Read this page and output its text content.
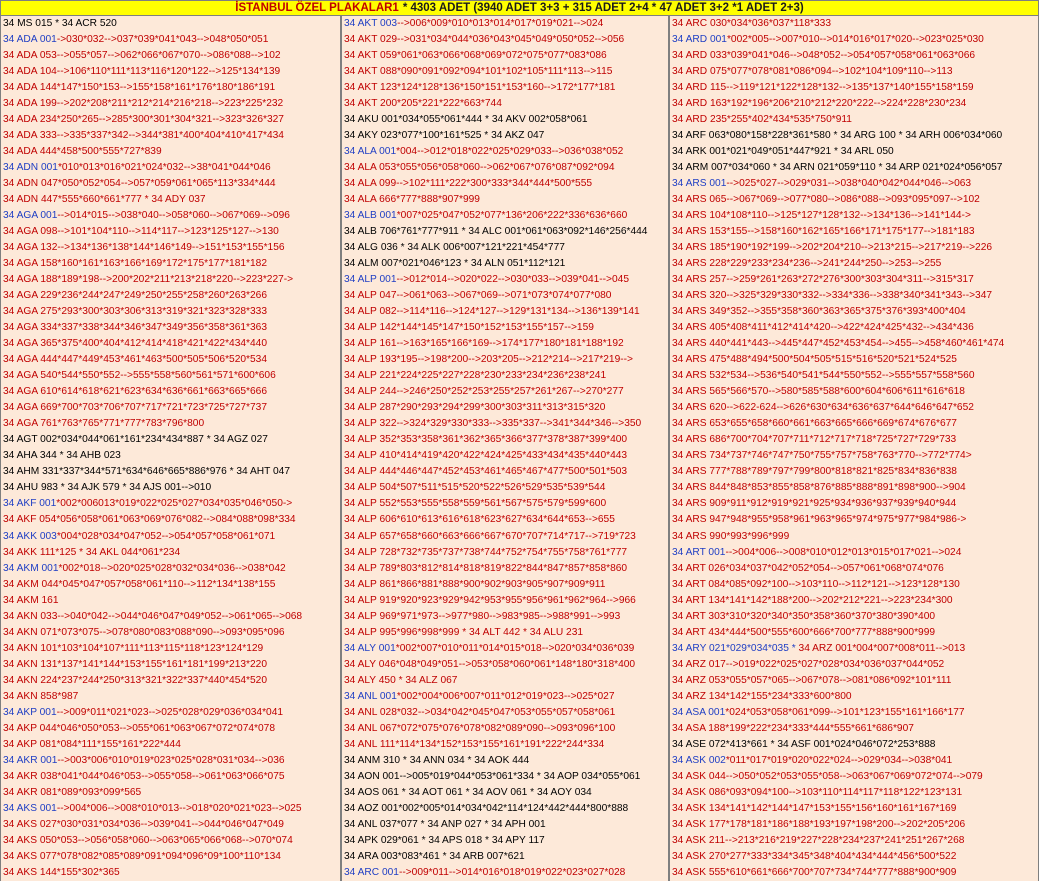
İSTANBUL ÖZEL PLAKALAR1 * 4303 ADET (3940 ADET 3+3 + 315 ADET 2+4 * 47 ADET 3+2 *1 ADET 2+3)
34 MS 015 * 34 ACR 520
34 ADA 001->030*032-->037*039*041*043-->048*050*051
34 ADA 053-->055*057-->062*066*067*070-->086*088-->102
34 ADA 104-->106*110*111*113*116*120*122-->125*134*139
34 ADA 144*147*150*153-->155*158*161*176*180*186*191
34 ADA 199-->202*208*211*212*214*216*218-->223*225*232
34 ADA 234*250*265-->285*300*301*304*321-->323*326*327
34 ADA 333-->335*337*342-->344*381*400*404*410*417*434
34 ADA 444*458*500*555*727*839
34 ADN 001*010*013*016*021*024*032-->38*041*044*046
34 ADN 047*050*052*054-->057*059*061*065*113*334*444
34 ADN 447*555*660*661*777 * 34 ADY 037
34 AGA 001-->014*015-->038*040-->058*060-->067*069-->096
34 AGA 098-->101*104*110-->114*117-->123*125*127-->130
34 AGA 132-->134*136*138*144*146*149-->151*153*155*156
34 AGA 158*160*161*163*166*169*172*175*177*181*182
34 AGA 188*189*198-->200*202*211*213*218*220-->223*227->
34 AGA 229*236*244*247*249*250*255*258*260*263*266
34 AGA 275*293*300*303*306*313*319*321*323*328*333
34 AGA 334*337*338*344*346*347*349*356*358*361*363
34 AGA 365*375*400*404*412*414*418*421*422*434*440
34 AGA 444*447*449*453*461*463*500*505*506*520*534
34 AGA 540*544*550*552-->555*558*560*561*571*600*606
34 AGA 610*614*618*621*623*634*636*661*663*665*666
34 AGA 669*700*703*706*707*717*721*723*725*727*737
34 AGA 761*763*765*771*777*783*796*800
34 AGT 002*034*044*061*161*234*434*887 * 34 AGZ 027
34 AHA 344 * 34 AHB 023
34 AHM 331*337*344*571*634*646*665*886*976 * 34 AHT 047
34 AHU 983 * 34 AJK 579 * 34 AJS 001-->010
34 AKF 001*002*006013*019*022*025*027*034*035*046*050->
34 AKF 054*056*058*061*063*069*076*082-->084*088*098*334
34 AKK 003*004*028*034*047*052-->054*057*058*061*071
34 AKK 111*125 * 34 AKL 044*061*234
34 AKM 001*002*018-->020*025*028*032*034*036-->038*042
34 AKM 044*045*047*057*058*061*110-->112*134*138*155
34 AKM 161
34 AKN 033-->040*042-->044*046*047*049*052-->061*065-->068
34 AKN 071*073*075-->078*080*083*088*090-->093*095*096
34 AKN 101*103*104*107*111*113*115*118*123*124*129
34 AKN 131*137*141*144*153*155*161*181*199*213*220
34 AKN 224*237*244*250*313*321*322*337*440*454*520
34 AKN 858*987
34 AKP 001-->009*011*021*023-->025*028*029*036*034*041
34 AKP 044*046*050*053-->055*061*063*067*072*074*078
34 AKP 081*084*111*155*161*222*444
34 AKR 001-->003*006*010*019*023*025*028*031*034-->036
34 AKR 038*041*044*046*053-->055*058-->061*063*066*075
34 AKR 081*089*093*099*565
34 AKS 001-->004*006-->008*010*013-->018*020*021*023-->025
34 AKS 027*030*031*034*036-->039*041-->044*046*047*049
34 AKS 050*053-->056*058*060-->063*065*066*068-->070*074
34 AKS 077*078*082*085*089*091*094*096*09*100*110*134
34 AKS 144*155*302*365
34 AKT 003-->006*009*010*013*014*017*019*021-->024
34 AKT 029-->031*034*044*036*043*045*049*050*052-->056
34 AKT 059*061*063*066*068*069*072*075*077*083*086
34 AKT 088*090*091*092*094*101*102*105*111*113-->115
34 AKT 123*124*128*136*150*151*153*160-->172*177*181
34 AKT 200*205*221*222*663*744
34 AKU 001*034*055*061*444 * 34 AKV 002*058*061
34 AKY 023*077*100*161*525 * 34 AKZ 047
34 ALA 001*004-->012*018*022*025*029*033-->036*038*052
34 ALA 053*055*056*058*060-->062*067*076*087*092*094
34 ALA 099-->102*111*222*300*333*344*444*500*555
34 ALA 666*777*888*907*999
34 ALB 001*007*025*047*052*077*136*206*222*336*636*660
34 ALB 706*761*777*911 * 34 ALC 001*061*063*092*146*256*444
34 ALG 036 * 34 ALK 006*007*121*221*454*777
34 ALM 007*021*046*123 * 34 ALN 051*112*121
34 ALP 001-->012*014-->020*022-->030*033-->039*041-->045
34 ALP 047-->061*063-->067*069-->071*073*074*077*080
34 ALP 082-->114*116-->124*127-->129*131*134-->136*139*141
34 ALP 142*144*145*147*150*152*153*155*157-->159
34 ALP 161-->163*165*166*169-->174*177*180*181*188*192
34 ALP 193*195-->198*200-->203*205-->212*214-->217*219-->
34 ALP 221*224*225*227*228*230*233*234*236*238*241
34 ALP 244-->246*250*252*253*255*257*261*267-->270*277
34 ALP 287*290*293*294*299*300*303*311*313*315*320
34 ALP 322-->324*329*330*333-->335*337-->341*344*346-->350
34 ALP 352*353*358*361*362*365*366*377*378*387*399*400
34 ALP 410*414*419*420*422*424*425*433*434*435*440*443
34 ALP 444*446*447*452*453*461*465*467*477*500*501*503
34 ALP 504*507*511*515*520*522*526*529*535*539*544
34 ALP 552*553*555*558*559*561*567*575*579*599*600
34 ALP 606*610*613*616*618*623*627*634*644*653-->655
34 ALP 657*658*660*663*666*667*670*707*714*717-->719*723
34 ALP 728*732*735*737*738*744*752*754*755*758*761*777
34 ALP 789*803*812*814*818*819*822*844*847*857*858*860
34 ALP 861*866*881*888*900*902*903*905*907*909*911
34 ALP 919*920*923*929*942*953*955*956*961*962*964-->966
34 ALP 969*971*973-->977*980-->983*985-->988*991-->993
34 ALP 995*996*998*999 * 34 ALT 442 * 34 ALU 231
34 ALY 001*002*007*010*011*014*015*018-->020*034*036*039
34 ALY 046*048*049*051-->053*058*060*061*148*180*318*400
34 ALY 450 * 34 ALZ 067
34 ANL 001*002*004*006*007*011*012*019*023-->025*027
34 ANL 028*032-->034*042*045*047*053*055*057*058*061
34 ANL 067*072*075*076*078*082*089*090-->093*096*100
34 ANL 111*114*134*152*153*155*161*191*222*244*334
34 ANM 310 * 34 ANN 034 * 34 AOK 444
34 AON 001-->005*019*044*053*061*334 * 34 AOP 034*055*061
34 AOS 061 * 34 AOT 061 * 34 AOV 061 * 34 AOY 034
34 AOZ 001*002*005*014*034*042*114*124*442*444*800*888
34 ANL 037*077 * 34 ANP 027 * 34 APH 001
34 APK 029*061 * 34 APS 018 * 34 APY 117
34 ARA 003*083*461 * 34 ARB 007*621
34 ARC 001-->009*011-->014*016*018*019*022*023*027*028
34 ARC 030*034*036*037*118*333
34 ARD 001*002*005-->007*010-->014*016*017*020-->023*025*030
34 ARD 033*039*041*046-->048*052-->054*057*058*061*063*066
34 ARD 075*077*078*081*086*094-->102*104*109*110-->113
34 ARD 115-->119*121*122*128*132-->135*137*140*155*158*159
34 ARD 163*192*196*206*210*212*220*222-->224*228*230*234
34 ARD 235*255*402*434*535*750*911
34 ARF 063*080*158*228*361*580 * 34 ARG 100 * 34 ARH 006*034*060
34 ARK 001*021*049*051*447*921 * 34 ARL 050
34 ARM 007*034*060 * 34 ARN 021*059*110 * 34 ARP 021*024*056*057
34 ARS 001-->025*027-->029*031-->038*040*042*044*046-->063
34 ARS 065-->067*069-->077*080-->086*088-->093*095*097-->102
34 ARS 104*108*110-->125*127*128*132-->134*136-->141*144->
34 ARS 153*155-->158*160*162*165*166*171*175*177-->181*183
34 ARS 185*190*192*199-->202*204*210-->213*215-->217*219-->226
34 ARS 228*229*233*234*236-->241*244*250-->253-->255
34 ARS 257-->259*261*263*272*276*300*303*304*311-->315*317
34 ARS 320-->325*329*330*332-->334*336-->338*340*341*343-->347
34 ARS 349*352-->355*358*360*363*365*375*376*393*400*404
34 ARS 405*408*411*412*414*420-->422*424*425*432-->434*436
34 ARS 440*441*443-->445*447*452*453*454-->455-->458*460*461*474
34 ARS 475*488*494*500*504*505*515*516*520*521*524*525
34 ARS 532*534-->536*540*541*544*550*552-->555*557*558*560
34 ARS 565*566*570-->580*585*588*600*604*606*611*616*618
34 ARS 620-->622-624-->626*630*634*636*637*644*646*647*652
34 ARS 653*655*658*660*661*663*665*666*669*674*676*677
34 ARS 686*700*704*707*711*712*717*718*725*727*729*733
34 ARS 734*737*746*747*750*755*757*758*763*770-->772*774>
34 ARS 777*788*789*797*799*800*818*821*825*834*836*838
34 ARS 844*848*853*855*858*876*885*888*891*898*900-->904
34 ARS 909*911*912*919*921*925*934*936*937*939*940*944
34 ARS 947*948*955*958*961*963*965*974*975*977*984*986->
34 ARS 990*993*996*999
34 ART 001-->004*006-->008*010*012*013*015*017*021-->024
34 ART 026*034*037*042*052*054-->057*061*068*074*076
34 ART 084*085*092*100-->103*110-->112*121-->123*128*130
34 ART 134*141*142*188*200-->202*212*221-->223*234*300
34 ART 303*310*320*340*350*358*360*370*380*390*400
34 ART 434*444*500*555*600*666*700*777*888*900*999
34 ARY 021*029*034*035 * 34 ARZ 001*004*007*008*011-->013
34 ARZ 017-->019*022*025*027*028*034*036*037*044*052
34 ARZ 053*055*057*065-->067*078-->081*086*092*101*111
34 ARZ 134*142*155*234*333*600*800
34 ASA 001*024*053*058*061*099-->101*123*155*161*166*177
34 ASA 188*199*222*234*333*444*555*661*686*907
34 ASE 072*413*661 * 34 ASF 001*024*046*072*253*888
34 ASK 002*011*017*019*020*022*024-->029*034-->038*041
34 ASK 044-->050*052*053*055*058-->063*067*069*072*074-->079
34 ASK 086*093*094*100-->103*110*114*117*118*122*123*131
34 ASK 134*141*142*144*147*153*155*156*160*161*167*169
34 ASK 177*178*181*186*188*193*197*198*200-->202*205*206
34 ASK 211-->213*216*219*227*228*234*237*241*251*267*268
34 ASK 270*277*333*334*345*348*404*434*444*456*500*522
34 ASK 555*610*661*666*700*707*734*744*777*888*900*909
